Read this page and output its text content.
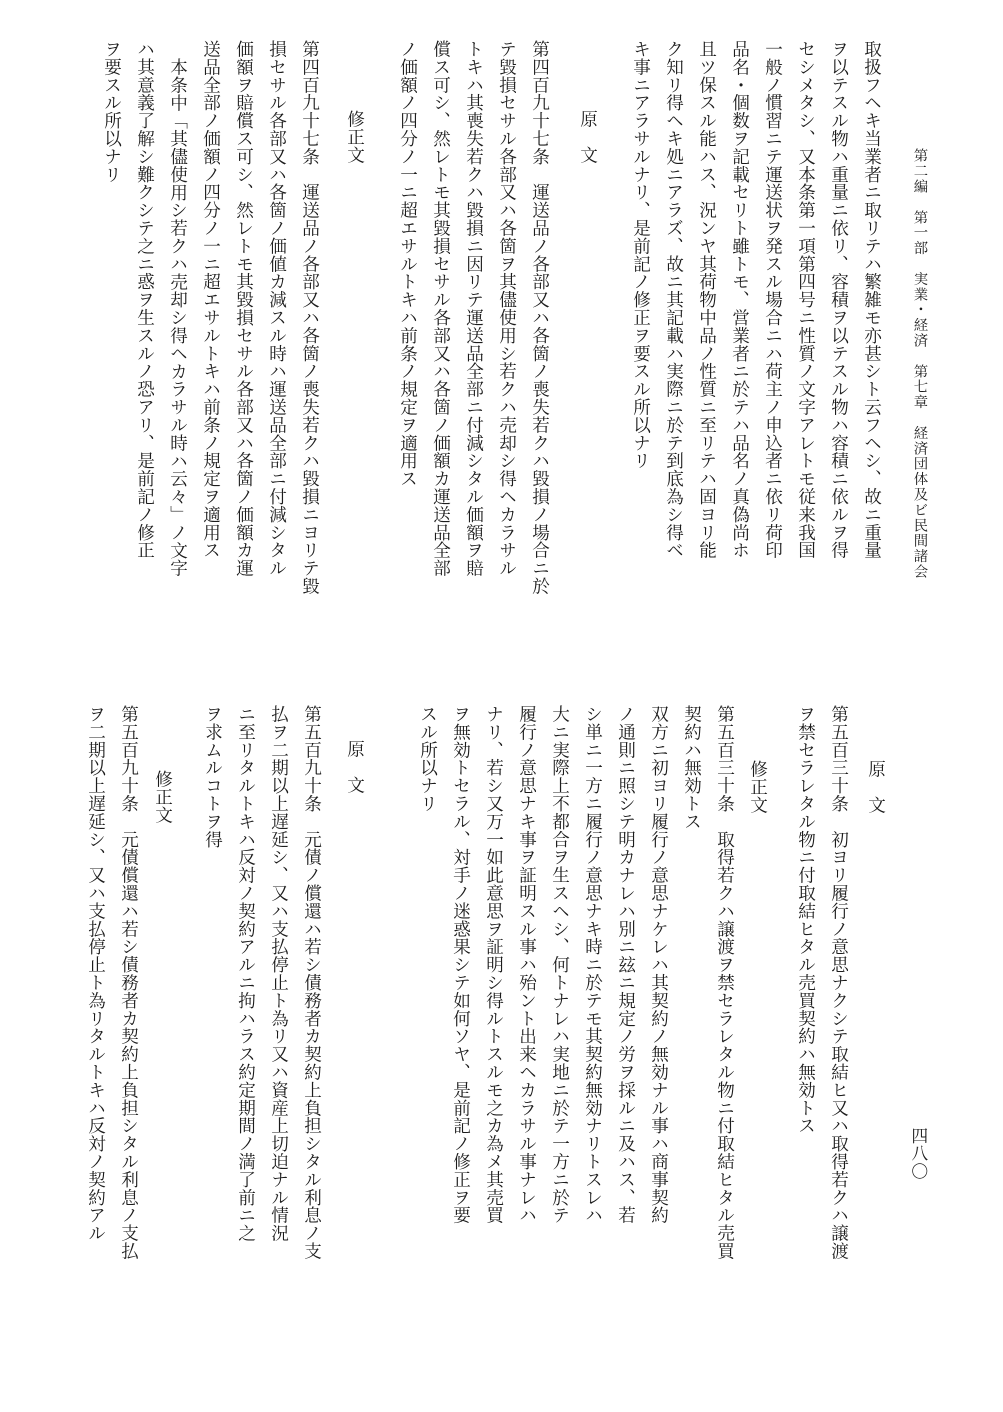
第二編　第一部　実業・経済　第七章　経済団体及ビ民間諸会
四八〇
取扱フヘキ当業者ニ取リテハ繁雑モ亦甚シト云フヘシ、故ニ重量
ヲ以テスル物ハ重量ニ依リ、容積ヲ以テスル物ハ容積ニ依ルヲ得
セシメタシ、又本条第一項第四号ニ性質ノ文字アレトモ従来我国
一般ノ慣習ニテ運送状ヲ発スル場合ニハ荷主ノ申込者ニ依リ荷印
品名・個数ヲ記載セリト雖トモ、営業者ニ於テハ品名ノ真偽尚ホ
且ツ保スル能ハス、況ンヤ其荷物中品ノ性質ニ至リテハ固ヨリ能
ク知リ得ヘキ処ニアラズ、故ニ其記載ハ実際ニ於テ到底為シ得ベ
キ事ニアラサルナリ、是前記ノ修正ヲ要スル所以ナリ
原　文
第四百九十七条　運送品ノ各部又ハ各箇ノ喪失若クハ毀損ノ場合ニ於
テ毀損セサル各部又ハ各箇ヲ其儘使用シ若クハ売却シ得ヘカラサル
トキハ其喪失若クハ毀損ニ因リテ運送品全部ニ付減シタル価額ヲ賠
償ス可シ、然レトモ其毀損セサル各部又ハ各箇ノ価額カ運送品全部
ノ価額ノ四分ノ一ニ超エサルトキハ前条ノ規定ヲ適用ス
修正文
第四百九十七条　運送品ノ各部又ハ各箇ノ喪失若クハ毀損ニヨリテ毀
損セサル各部又ハ各箇ノ価値カ減スル時ハ運送品全部ニ付減シタル
価額ヲ賠償ス可シ、然レトモ其毀損セサル各部又ハ各箇ノ価額カ運
送品全部ノ価額ノ四分ノ一ニ超エサルトキハ前条ノ規定ヲ適用ス
本条中「其儘使用シ若クハ売却シ得ヘカラサル時ハ云々」ノ文字
ハ其意義了解シ難クシテ之ニ惑ヲ生スルノ恐アリ、是前記ノ修正
ヲ要スル所以ナリ
原　文
第五百三十条　初ヨリ履行ノ意思ナクシテ取結ヒ又ハ取得若クハ譲渡
ヲ禁セラレタル物ニ付取結ヒタル売買契約ハ無効トス
修正文
第五百三十条　取得若クハ譲渡ヲ禁セラレタル物ニ付取結ヒタル売買
契約ハ無効トス
双方ニ初ヨリ履行ノ意思ナケレハ其契約ノ無効ナル事ハ商事契約
ノ通則ニ照シテ明カナレハ別ニ玆ニ規定ノ労ヲ採ルニ及ハス、若
シ単ニ一方ニ履行ノ意思ナキ時ニ於テモ其契約無効ナリトスレハ
大ニ実際上不都合ヲ生スヘシ、何トナレハ実地ニ於テ一方ニ於テ
履行ノ意思ナキ事ヲ証明スル事ハ殆ント出来ヘカラサル事ナレハ
ナリ、若シ又万一如此意思ヲ証明シ得ルトスルモ之カ為メ其売買
ヲ無効トセラル、対手ノ迷惑果シテ如何ソヤ、是前記ノ修正ヲ要
スル所以ナリ
原　文
第五百九十条　元債ノ償還ハ若シ債務者カ契約上負担シタル利息ノ支
払ヲ二期以上遅延シ、又ハ支払停止ト為リ又ハ資産上切迫ナル情況
ニ至リタルトキハ反対ノ契約アルニ拘ハラス約定期間ノ満了前ニ之
ヲ求ムルコトヲ得
修正文
第五百九十条　元債償還ハ若シ債務者カ契約上負担シタル利息ノ支払
ヲ二期以上遅延シ、又ハ支払停止ト為リタルトキハ反対ノ契約アル
